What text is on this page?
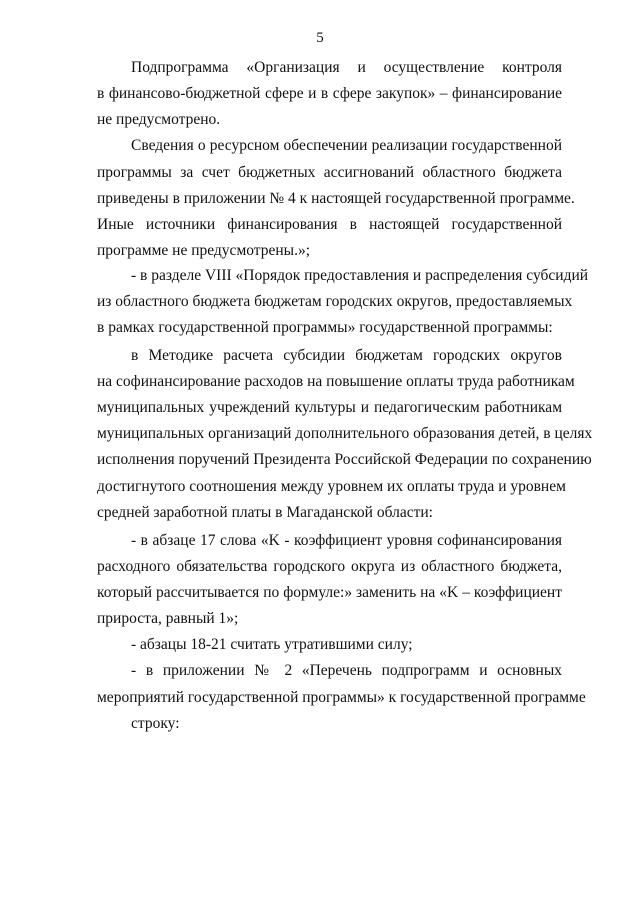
5
Подпрограмма «Организация и осуществление контроля
в финансово-бюджетной сфере и в сфере закупок» – финансирование
не предусмотрено.
Сведения о ресурсном обеспечении реализации государственной
программы за счет бюджетных ассигнований областного бюджета
приведены в приложении № 4 к настоящей государственной программе.
Иные источники финансирования в настоящей государственной
программе не предусмотрены.»;
- в разделе VIII «Порядок предоставления и распределения субсидий
из областного бюджета бюджетам городских округов, предоставляемых
в рамках государственной программы» государственной программы:
в Методике расчета субсидии бюджетам городских округов
на софинансирование расходов на повышение оплаты труда работникам
муниципальных учреждений культуры и педагогическим работникам
муниципальных организаций дополнительного образования детей, в целях
исполнения поручений Президента Российской Федерации по сохранению
достигнутого соотношения между уровнем их оплаты труда и уровнем
средней заработной платы в Магаданской области:
- в абзаце 17 слова «K - коэффициент уровня софинансирования
расходного обязательства городского округа из областного бюджета,
который рассчитывается по формуле:» заменить на «K – коэффициент
прироста, равный 1»;
- абзацы 18-21 считать утратившими силу;
- в приложении № 2 «Перечень подпрограмм и основных
мероприятий государственной программы» к государственной программе
строку:
